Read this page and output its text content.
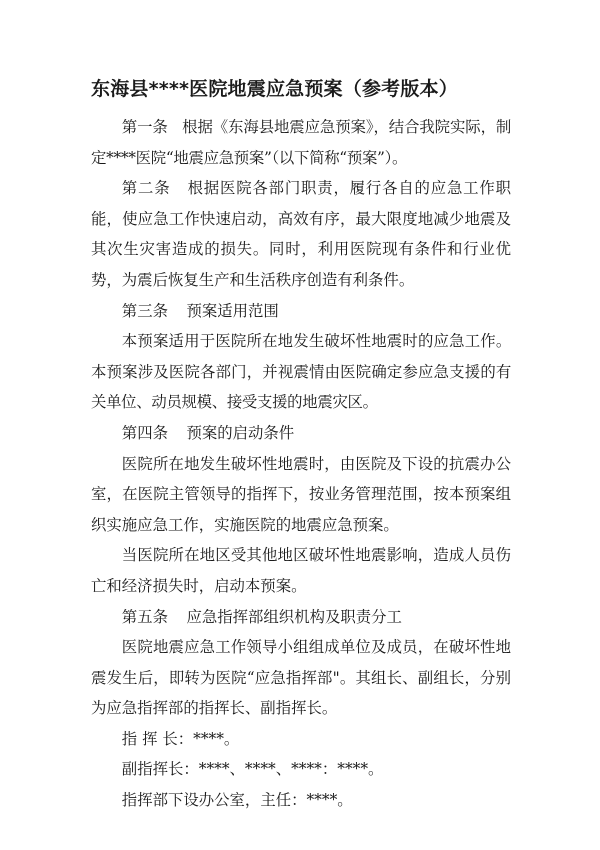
东海县****医院地震应急预案（参考版本）

第一条 根据《东海县地震应急预案》，结合我院实际，制定****医院“地震应急预案”（以下简称“预案”）。

第二条 根据医院各部门职责，履行各自的应急工作职能，使应急工作快速启动，高效有序，最大限度地减少地震及其次生灾害造成的损失。同时，利用医院现有条件和行业优势，为震后恢复生产和生活秩序创造有利条件。

第三条 预案适用范围

本预案适用于医院所在地发生破坏性地震时的应急工作。本预案涉及医院各部门，并视震情由医院确定参应急支援的有关单位、动员规模、接受支援的地震灾区。

第四条 预案的启动条件

医院所在地发生破坏性地震时，由医院及下设的抗震办公室，在医院主管领导的指挥下，按业务管理范围，按本预案组织实施应急工作，实施医院的地震应急预案。

当医院所在地区受其他地区破坏性地震影响，造成人员伤亡和经济损失时，启动本预案。

第五条 应急指挥部组织机构及职责分工

医院地震应急工作领导小组组成单位及成员，在破坏性地震发生后，即转为医院“应急指挥部"。其组长、副组长，分别为应急指挥部的指挥长、副指挥长。

指 挥 长：****。

副指挥长：****、****、****：****。

指挥部下设办公室，主任：****。
